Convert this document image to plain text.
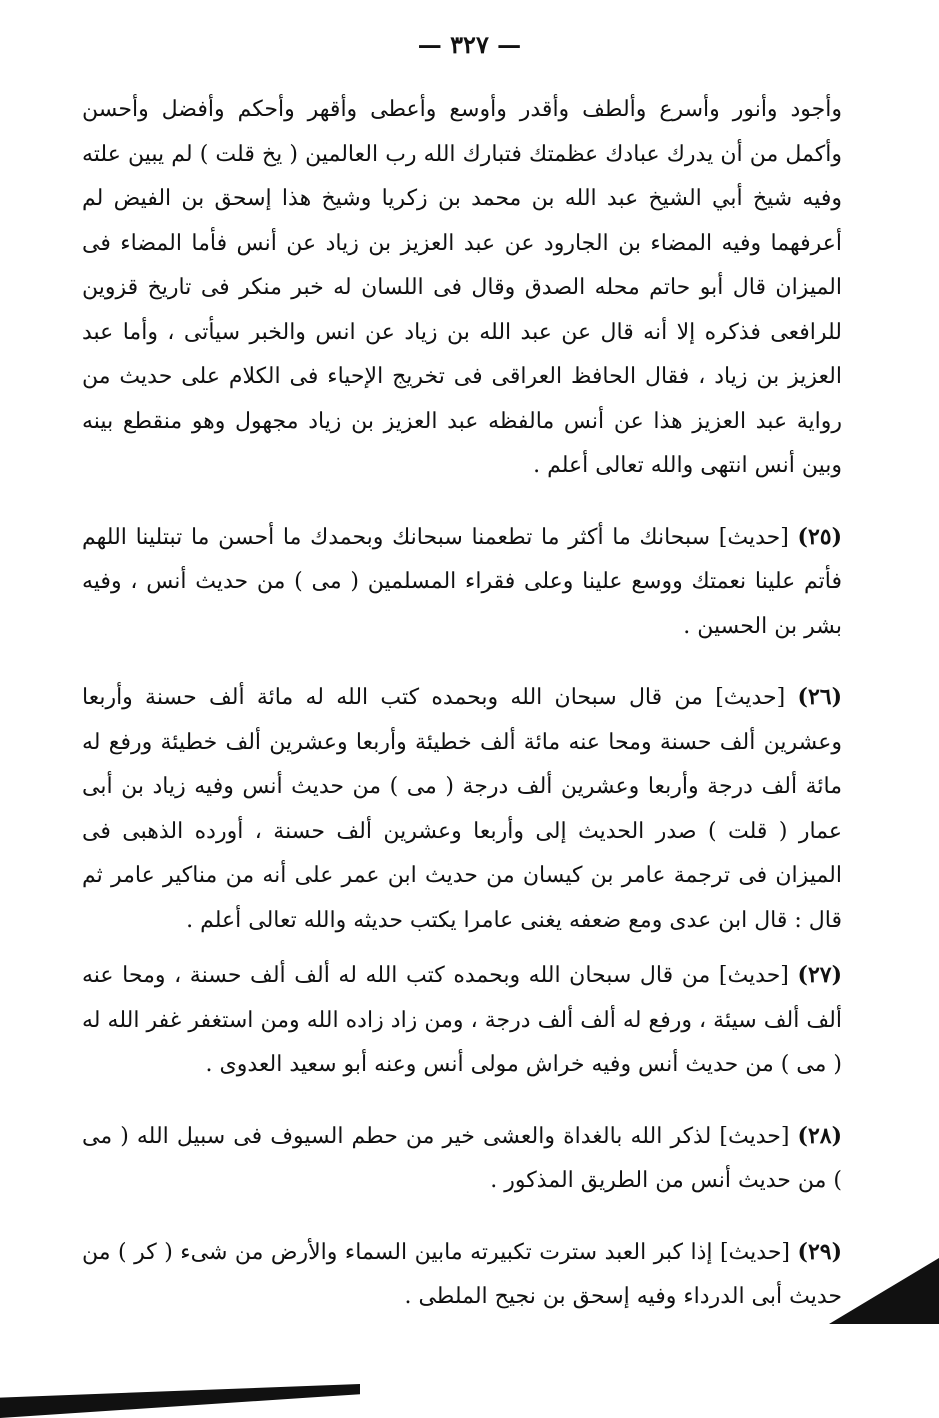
— ٣٢٧ —

وأجود وأنور وأسرع وألطف وأقدر وأوسع وأعطى وأقهر وأحكم وأفضل وأحسن وأكمل من أن يدرك عبادك عظمتك فتبارك الله رب العالمين ( يخ قلت ) لم يبين علته وفيه شيخ أبي الشيخ عبد الله بن محمد بن زكريا وشيخ هذا إسحق بن الفيض لم أعرفهما وفيه المضاء بن الجارود عن عبد العزيز بن زياد عن أنس فأما المضاء فى الميزان قال أبو حاتم محله الصدق وقال فى اللسان له خبر منكر فى تاريخ قزوين للرافعى فذكره إلا أنه قال عن عبد الله بن زياد عن انس والخبر سيأتى ، وأما عبد العزيز بن زياد ، فقال الحافظ العراقى فى تخريج الإحياء فى الكلام على حديث من رواية عبد العزيز هذا عن أنس مالفظه عبد العزيز بن زياد مجهول وهو منقطع بينه وبين أنس انتهى والله تعالى أعلم .

(٢٥) [حديث] سبحانك ما أكثر ما تطعمنا سبحانك وبحمدك ما أحسن ما تبتلينا اللهم فأتم علينا نعمتك ووسع علينا وعلى فقراء المسلمين ( مى ) من حديث أنس ، وفيه بشر بن الحسين .

(٢٦) [حديث] من قال سبحان الله وبحمده كتب الله له مائة ألف حسنة وأربعا وعشرين ألف حسنة ومحا عنه مائة ألف خطيئة وأربعا وعشرين ألف خطيئة ورفع له مائة ألف درجة وأربعا وعشرين ألف درجة ( مى ) من حديث أنس وفيه زياد بن أبى عمار ( قلت ) صدر الحديث إلى وأربعا وعشرين ألف حسنة ، أورده الذهبى فى الميزان فى ترجمة عامر بن كيسان من حديث ابن عمر على أنه من مناكير عامر ثم قال : قال ابن عدى ومع ضعفه يغنى عامرا يكتب حديثه والله تعالى أعلم .

(٢٧) [حديث] من قال سبحان الله وبحمده كتب الله له ألف ألف حسنة ، ومحا عنه ألف ألف سيئة ، ورفع له ألف ألف درجة ، ومن زاد زاده الله ومن استغفر غفر الله له ( مى ) من حديث أنس وفيه خراش مولى أنس وعنه أبو سعيد العدوى .

(٢٨) [حديث] لذكر الله بالغداة والعشى خير من حطم السيوف فى سبيل الله ( مى ) من حديث أنس من الطريق المذكور .

(٢٩) [حديث] إذا كبر العبد سترت تكبيرته مابين السماء والأرض من شىء ( كر ) من حديث أبى الدرداء وفيه إسحق بن نجيح الملطى .
